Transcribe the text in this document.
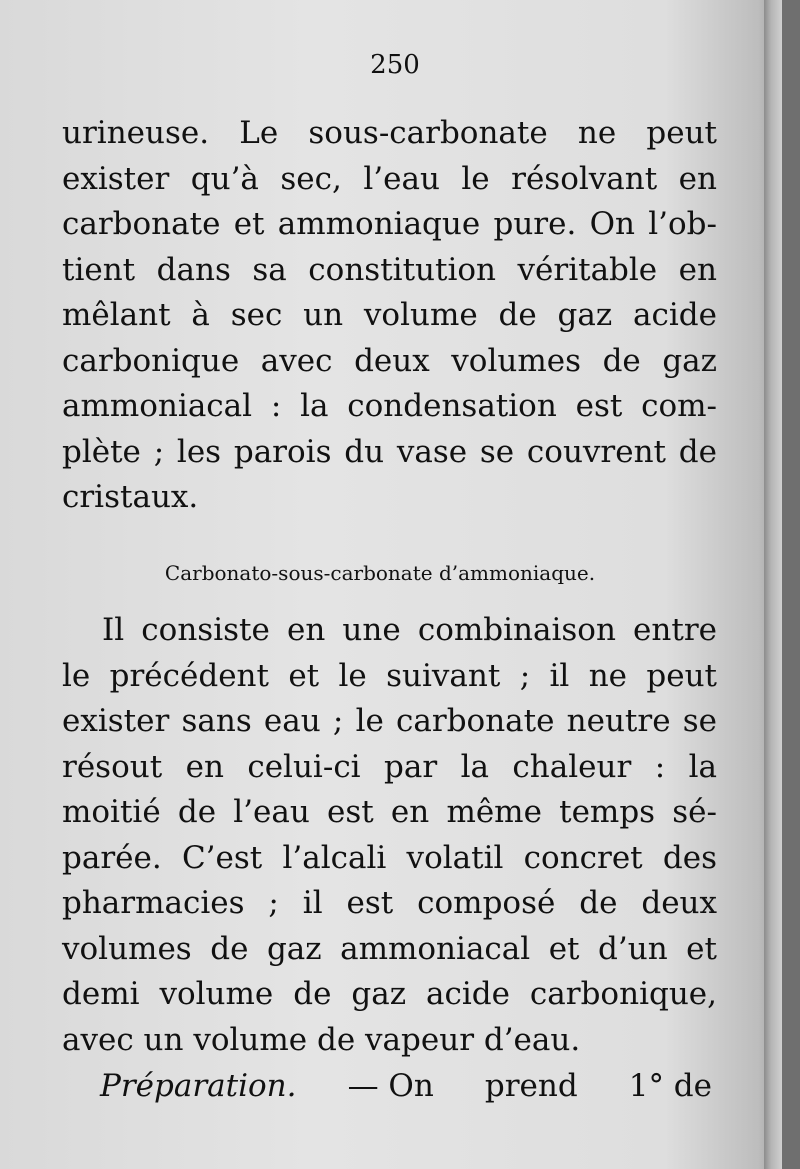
250
urineuse. Le sous-carbonate ne peut
exister qu’à sec, l’eau le résolvant en
carbonate et ammoniaque pure. On l’ob-
tient dans sa constitution véritable en
mêlant à sec un volume de gaz acide
carbonique avec deux volumes de gaz
ammoniacal : la condensation est com-
plète ; les parois du vase se couvrent de
cristaux.
Carbonato-sous-carbonate d’ammoniaque.
Il consiste en une combinaison entre
le précédent et le suivant ; il ne peut
exister sans eau ; le carbonate neutre se
résout en celui-ci par la chaleur : la
moitié de l’eau est en même temps sé-
parée. C’est l’alcali volatil concret des
pharmacies ; il est composé de deux
volumes de gaz ammoniacal et d’un et
demi volume de gaz acide carbonique,
avec un volume de vapeur d’eau.
Préparation. — On prend 1° de
